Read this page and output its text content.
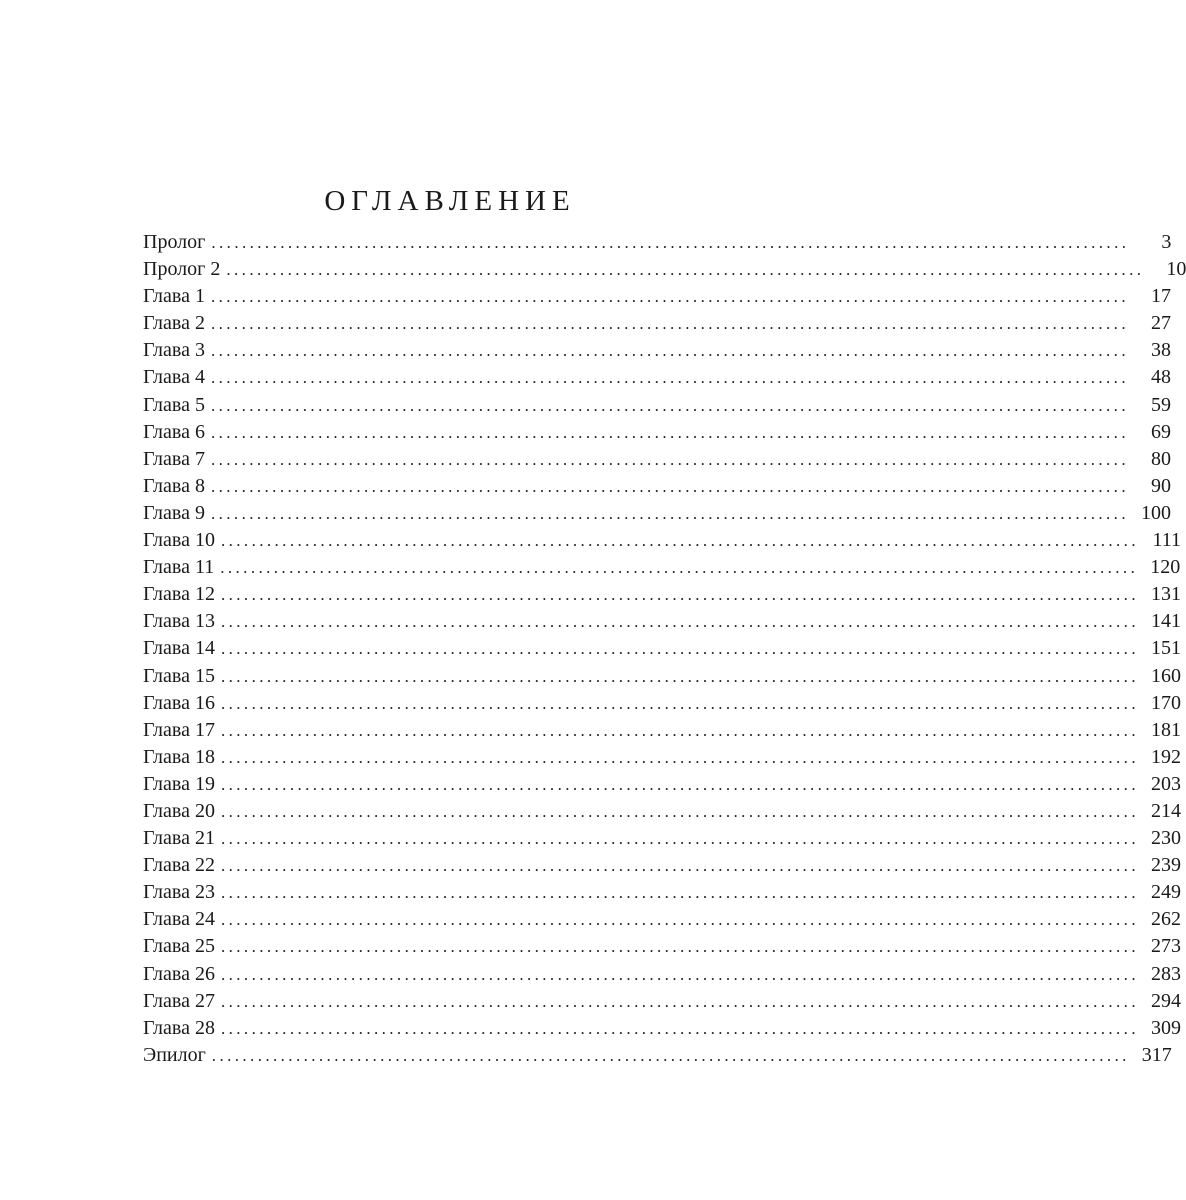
ОГЛАВЛЕНИЕ
Пролог ........................................................................................................................	3
Пролог 2 ........................................................................................................................	10
Глава 1 ........................................................................................................................	17
Глава 2 ........................................................................................................................	27
Глава 3 ........................................................................................................................	38
Глава 4 ........................................................................................................................	48
Глава 5 ........................................................................................................................	59
Глава 6 ........................................................................................................................	69
Глава 7 ........................................................................................................................	80
Глава 8 ........................................................................................................................	90
Глава 9 ........................................................................................................................ 100
Глава 10 ........................................................................................................................ 111
Глава 11 ........................................................................................................................ 120
Глава 12 ........................................................................................................................ 131
Глава 13 ........................................................................................................................ 141
Глава 14 ........................................................................................................................ 151
Глава 15 ........................................................................................................................ 160
Глава 16 ........................................................................................................................ 170
Глава 17 ........................................................................................................................ 181
Глава 18 ........................................................................................................................ 192
Глава 19 ........................................................................................................................ 203
Глава 20 ........................................................................................................................ 214
Глава 21 ........................................................................................................................ 230
Глава 22 ........................................................................................................................ 239
Глава 23 ........................................................................................................................ 249
Глава 24 ........................................................................................................................ 262
Глава 25 ........................................................................................................................ 273
Глава 26 ........................................................................................................................ 283
Глава 27 ........................................................................................................................ 294
Глава 28 ........................................................................................................................ 309
Эпилог ........................................................................................................................ 317
